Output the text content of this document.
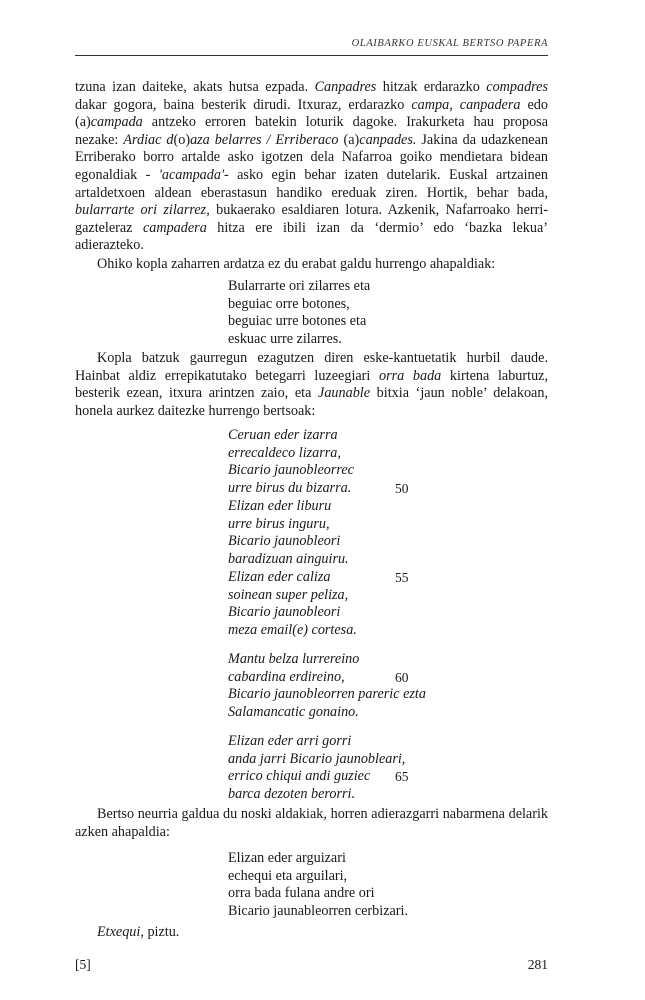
OLAIBARKO EUSKAL BERTSO PAPERA
tzuna izan daiteke, akats hutsa ezpada. Canpadres hitzak erdarazko compadres dakar gogora, baina besterik dirudi. Itxuraz, erdarazko campa, canpadera edo (a)campada antzeko erroren batekin loturik dagoke. Irakurketa hau proposa nezake: Ardiac d(o)aza belarres / Erriberaco (a)canpades. Jakina da udazkenean Erriberako borro artalde asko igotzen dela Nafarroa goiko mendietara bidean egonaldiak - 'acampada'- asko egin behar izaten dutelarik. Euskal artzainen artaldetxoen aldean eberastasun handiko ereduak ziren. Hortik, behar bada, bularrarte ori zilarrez, bukaerako esaldiaren lotura. Azkenik, Nafarroako herri-gazteleraz campadera hitza ere ibili izan da ‘dermio’ edo ‘bazka lekua’ adierazteko.
Ohiko kopla zaharren ardatza ez du erabat galdu hurrengo ahapaldiak:
Bularrarte ori zilarres eta
beguiac orre botones,
beguiac urre botones eta
eskuac urre zilarres.
Kopla batzuk gaurregun ezagutzen diren eske-kantuetatik hurbil daude. Hainbat aldiz errepikatutako betegarri luzeegiari orra bada kirtena laburtuz, besterik ezean, itxura arintzen zaio, eta Jaunable bitxia ‘jaun noble’ delakoan, honela aurkez daitezke hurrengo bertsoak:
Ceruan eder izarra
errecaldeco lizarra,
Bicario jaunobleorrec
urre birus du bizarra.	50
Elizan eder liburu
urre birus inguru,
Bicario jaunobleori
baradizuan ainguiru.
Elizan eder caliza	55
soinean super peliza,
Bicario jaunobleori
meza email(e) cortesa.
Mantu belza lurrereino
cabardina erdireino,	60
Bicario jaunobleorren pareric ezta
Salamancatic gonaino.
Elizan eder arri gorri
anda jarri Bicario jaunobleari,
errico chiqui andi guziec 65
barca dezoten berorri.
Bertso neurria galdua du noski aldakiak, horren adierazgarri nabarmena delarik azken ahapaldia:
Elizan eder arguizari
echequi eta arguilari,
orra bada fulana andre ori
Bicario jaunableorren cerbizari.
Etxequi, piztu.
[5]	281
